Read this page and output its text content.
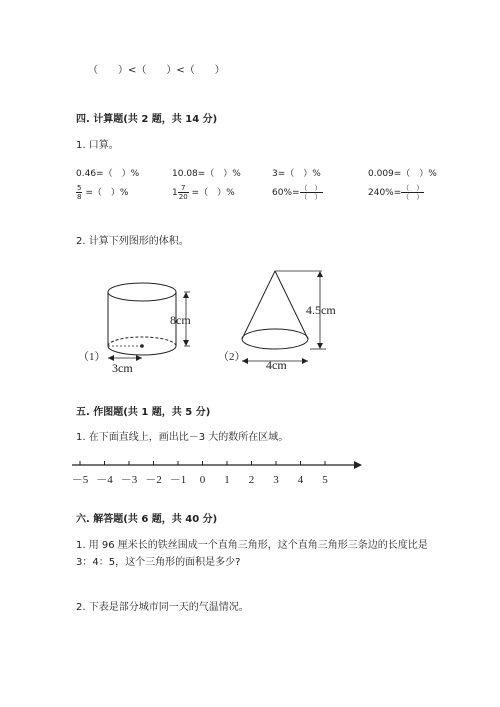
（　　）<（　　）<（　　）
四. 计算题(共 2 题，共 14 分)
1. 口算。
0.46=（　）%	10.08=（　）%	3=（　）%	0.009=（　）%
$\frac{5}{8}$ =（　）%	$1 \frac{7}{20}$ =（　）%	$60\%= \frac{( )}{( )}$	$240\%= \frac{( )}{( )}$
2. 计算下列图形的体积。
（1）
8cm
3cm
（2）
4.5cm
4cm
五. 作图题(共 1 题，共 5 分)
1. 在下面直线上，画出比－3 大的数所在区域。
－5 －4 －3 －2 －1 0 1 2 3 4 5
六. 解答题(共 6 题，共 40 分)
1. 用 96 厘米长的铁丝围成一个直角三角形，这个直角三角形三条边的长度比是
3：4：5，这个三角形的面积是多少?
2. 下表是部分城市同一天的气温情况。
